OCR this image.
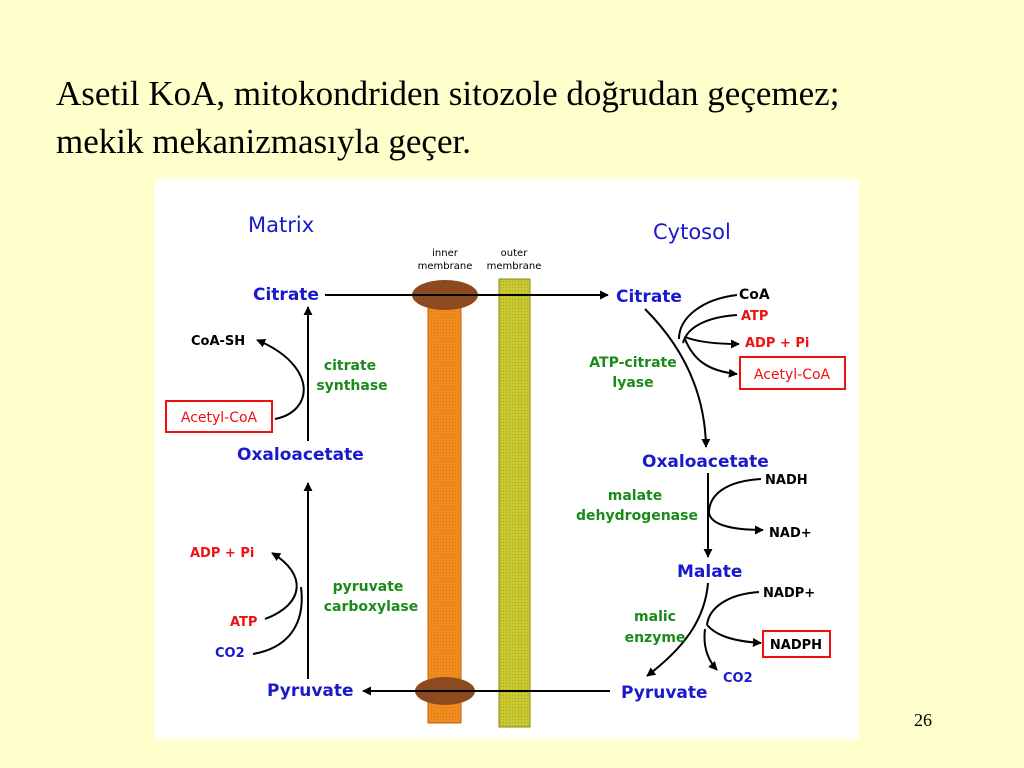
Asetil KoA, mitokondriden sitozole doğrudan geçemez;
mekik mekanizmasıyla geçer.
inner
membrane
outer
membrane
Matrix	Cytosol
Citrate
Oxaloacetate
Pyruvate
CoA-SH
Acetyl-CoA
citrate
synthase
ADP + Pi
ATP
CO2
pyruvate
carboxylase
Citrate
Oxaloacetate
Malate
Pyruvate
CoA
ATP
ADP + Pi
Acetyl-CoA
ATP-citrate
lyase
NADH
NAD+
malate
dehydrogenase
NADP+
NADPH
CO2
malic
enzyme
26
